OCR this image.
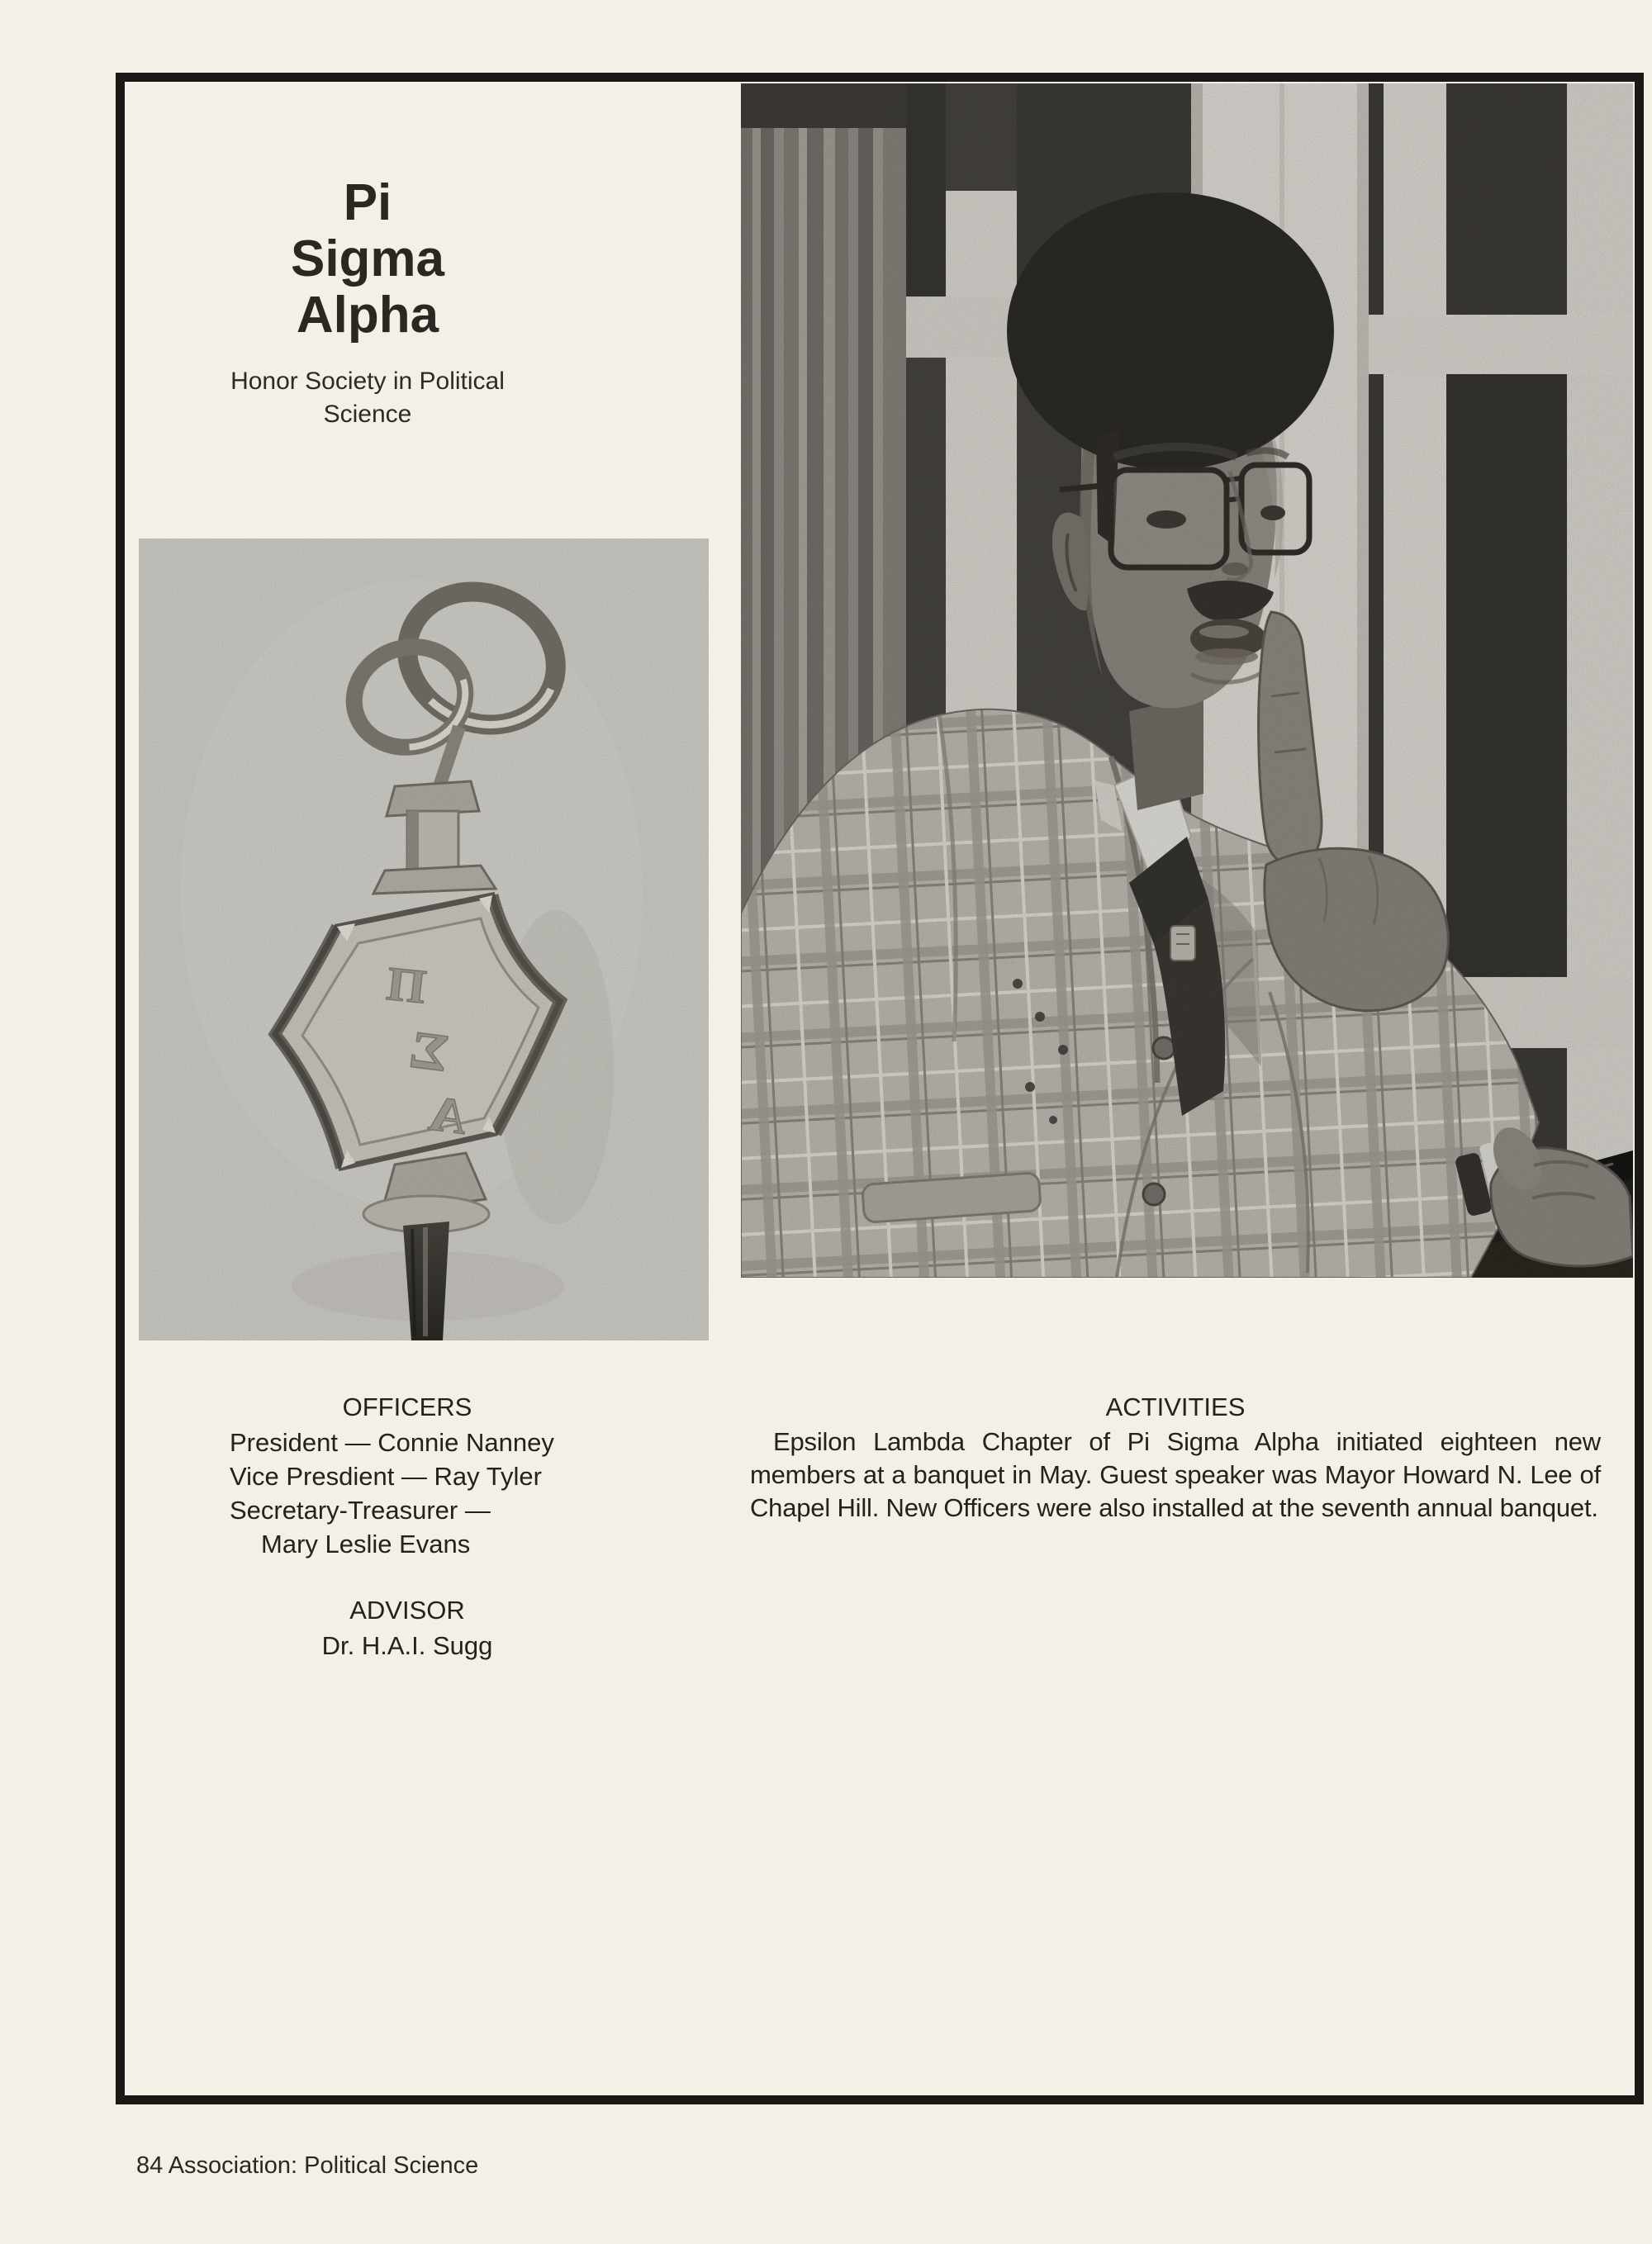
Pi
Sigma
Alpha
Honor Society in Political Science
Π
Σ
Α
OFFICERS
President — Connie Nanney
Vice Presdient — Ray Tyler
Secretary-Treasurer —
Mary Leslie Evans
ADVISOR
Dr. H.A.I. Sugg
ACTIVITIES
Epsilon Lambda Chapter of Pi Sigma Alpha initiated eighteen new members at a banquet in May. Guest speaker was Mayor Howard N. Lee of Chapel Hill. New Officers were also installed at the seventh annual banquet.
84 Association: Political Science
